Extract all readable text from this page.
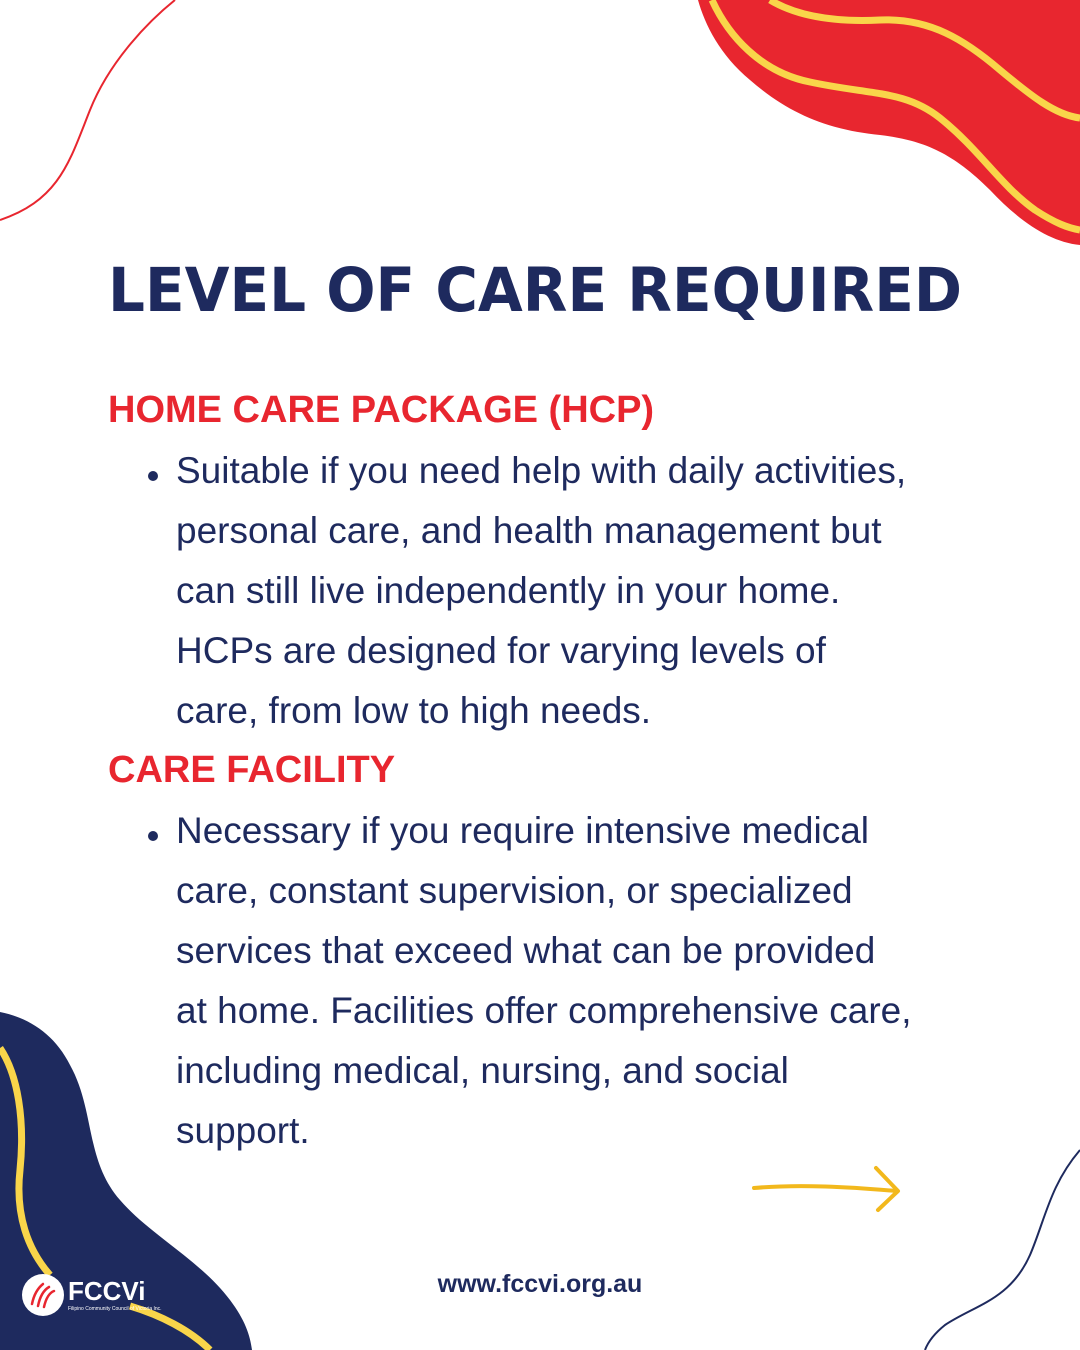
LEVEL OF CARE REQUIRED
HOME CARE PACKAGE (HCP)

Suitable if you need help with daily activities,
personal care, and health management but
can still live independently in your home.
HCPs are designed for varying levels of
care, from low to high needs.

CARE FACILITY

Necessary if you require intensive medical
care, constant supervision, or specialized
services that exceed what can be provided
at home. Facilities offer comprehensive care,
including medical, nursing, and social
support.

FCCVi
Filipino Community Council of Victoria Inc.
www.fccvi.org.au
